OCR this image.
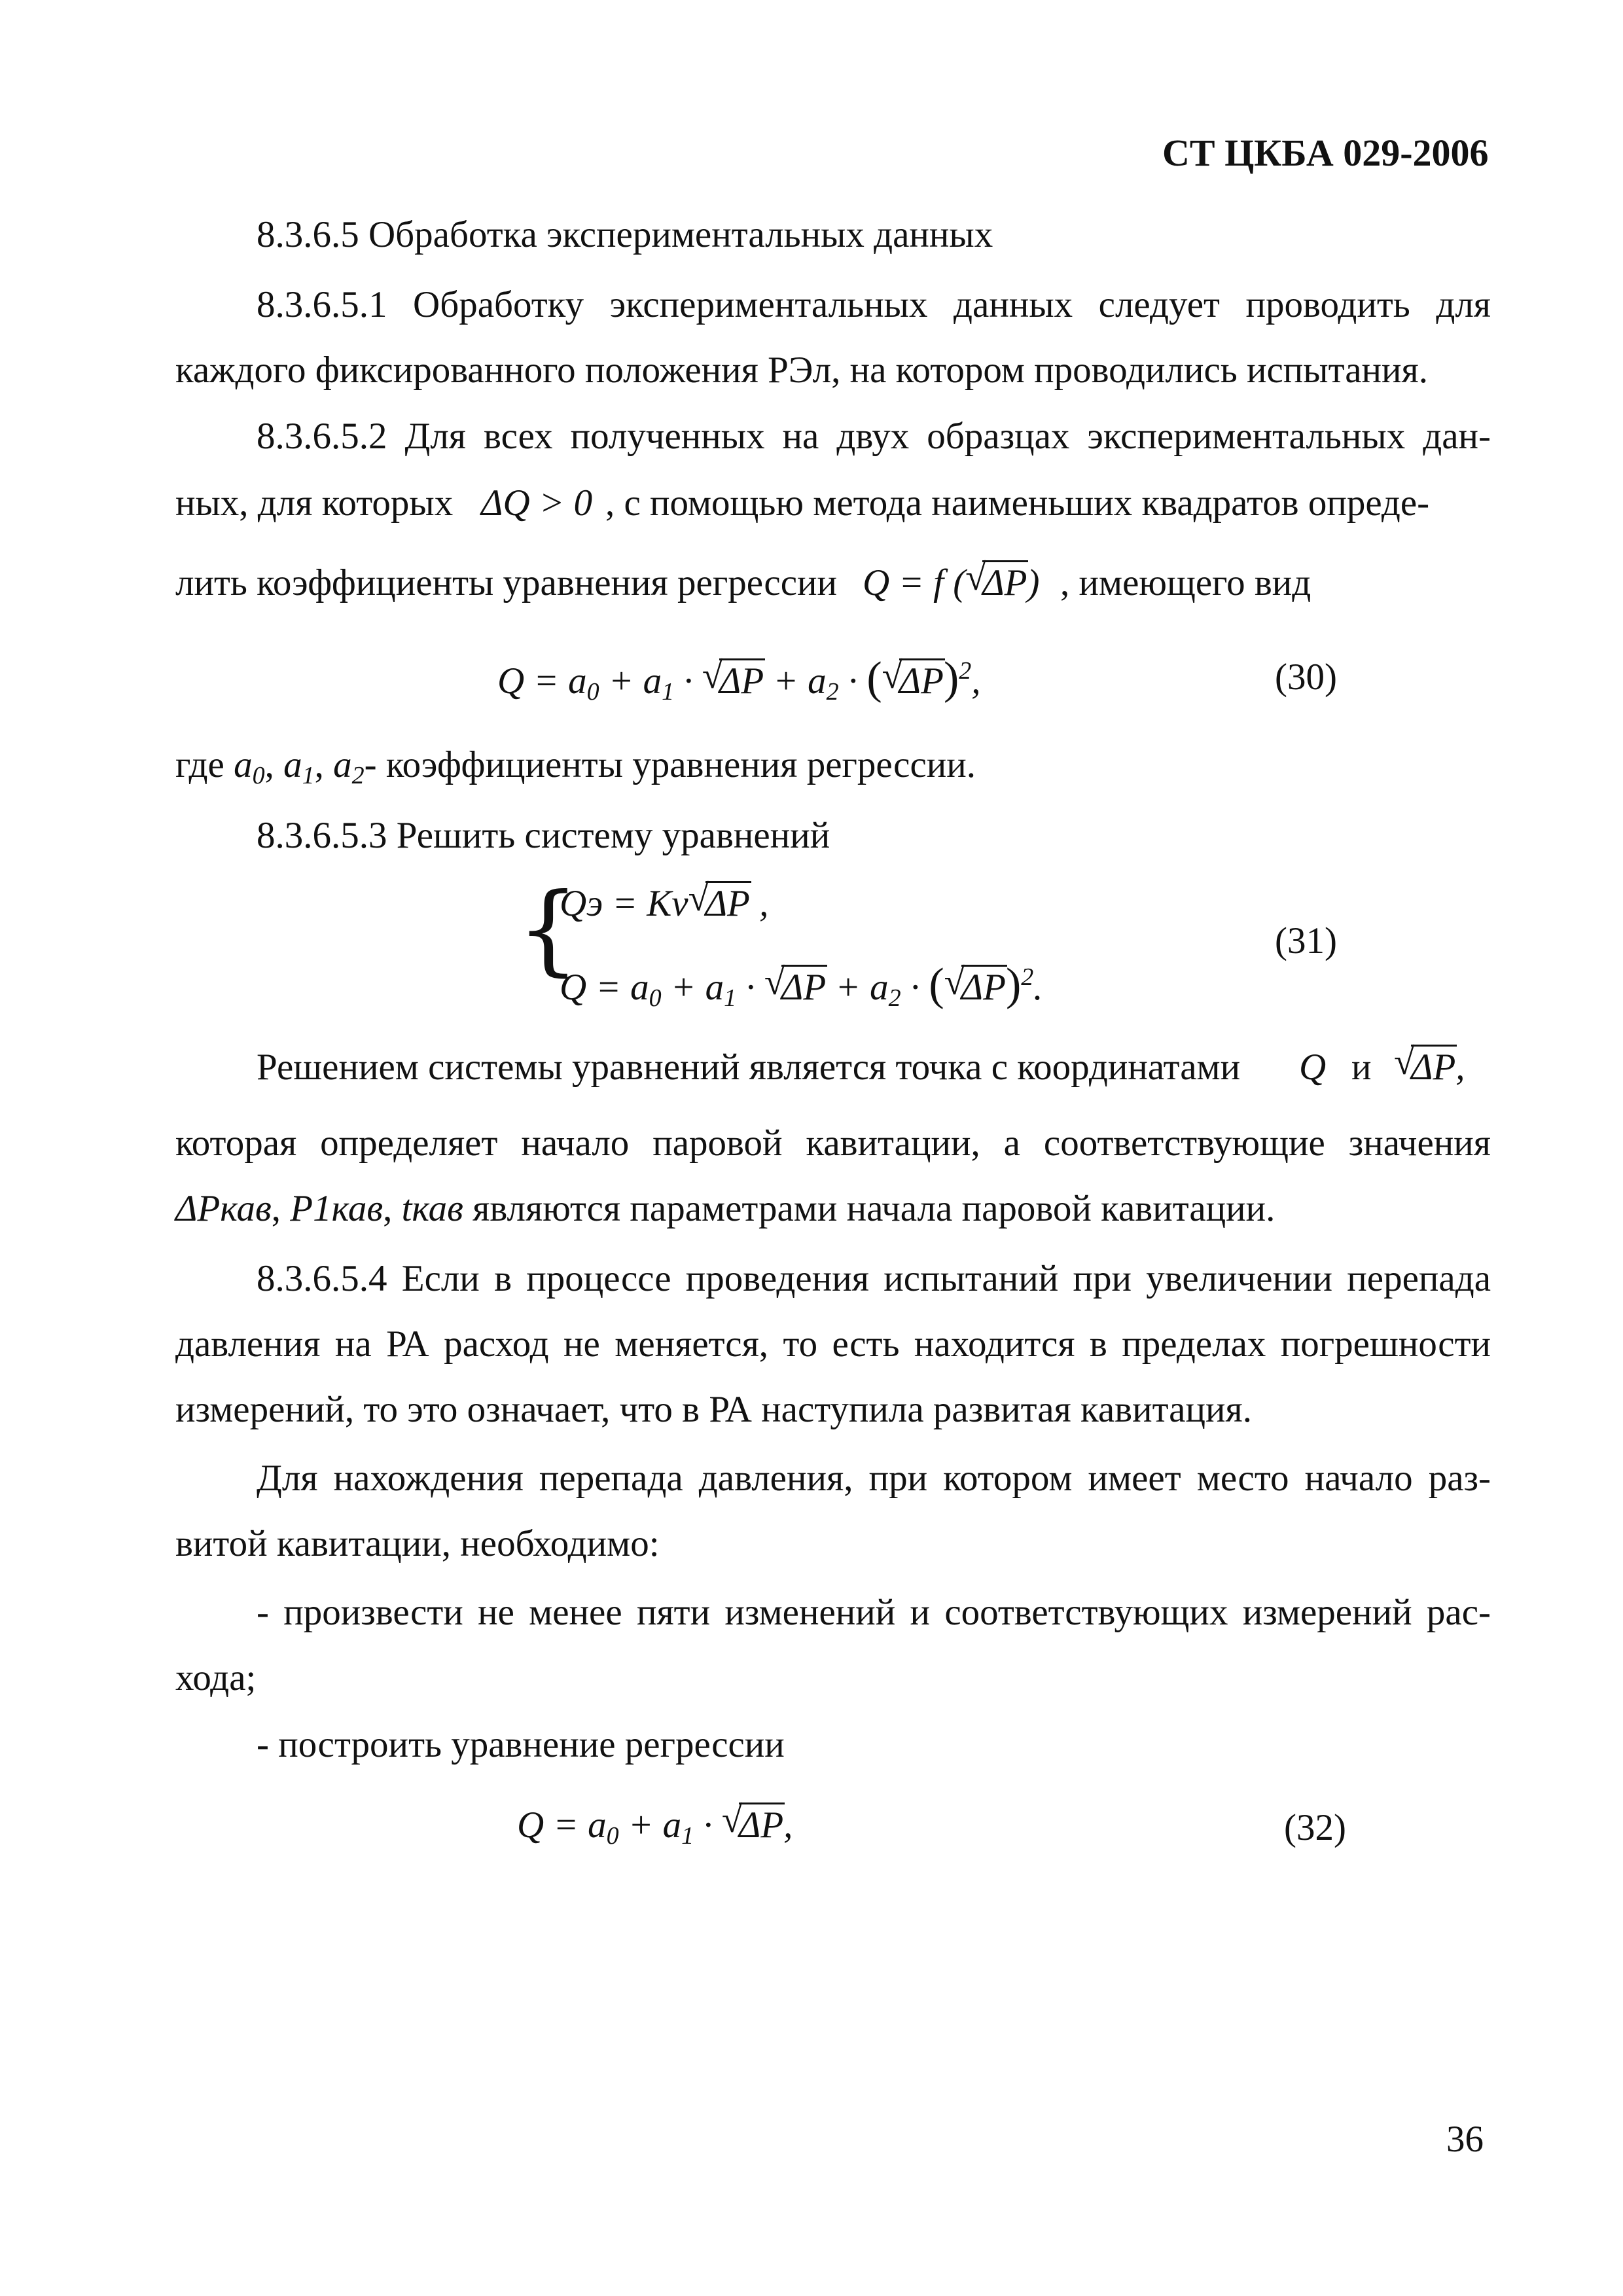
СТ ЦКБА 029-2006
8.3.6.5 Обработка экспериментальных данных
8.3.6.5.1 Обработку экспериментальных данных следует проводить для
каждого фиксированного положения РЭл, на котором проводились испытания.
8.3.6.5.2 Для всех полученных на двух образцах экспериментальных дан-
ных, для которых ΔQ > 0 , с помощью метода наименьших квадратов опреде-
лить коэффициенты уравнения регрессии Q = f ( √
ΔP) , имеющего вид
$Q = a_0 + a_1$ · √
$\Delta P + a_2$ · ( √
ΔP)$^2$,	(30)
где $a_0$, $a_1$, $a_2-$ коэффициенты уравнения регрессии.
8.3.6.5.3 Решить систему уравнений
{
Qэ = Kv √
ΔP ,
$Q = a_0 + a_1$ · √
$\Delta P + a_2$ · ( √
ΔP)$^2$.
(31)
Решением системы уравнений является точка с координатами Q и √
ΔP,
которая определяет начало паровой кавитации, а соответствующие значения
ΔPкав, P1кав, tкав являются параметрами начала паровой кавитации.
8.3.6.5.4 Если в процессе проведения испытаний при увеличении перепада
давления на РА расход не меняется, то есть находится в пределах погрешности
измерений, то это означает, что в РА наступила развитая кавитация.
Для нахождения перепада давления, при котором имеет место начало раз-
витой кавитации, необходимо:
- произвести не менее пяти изменений и соответствующих измерений рас-
хода;
- построить уравнение регрессии
$Q = a_0 + a_1$ · √
ΔP,	(32)
36
